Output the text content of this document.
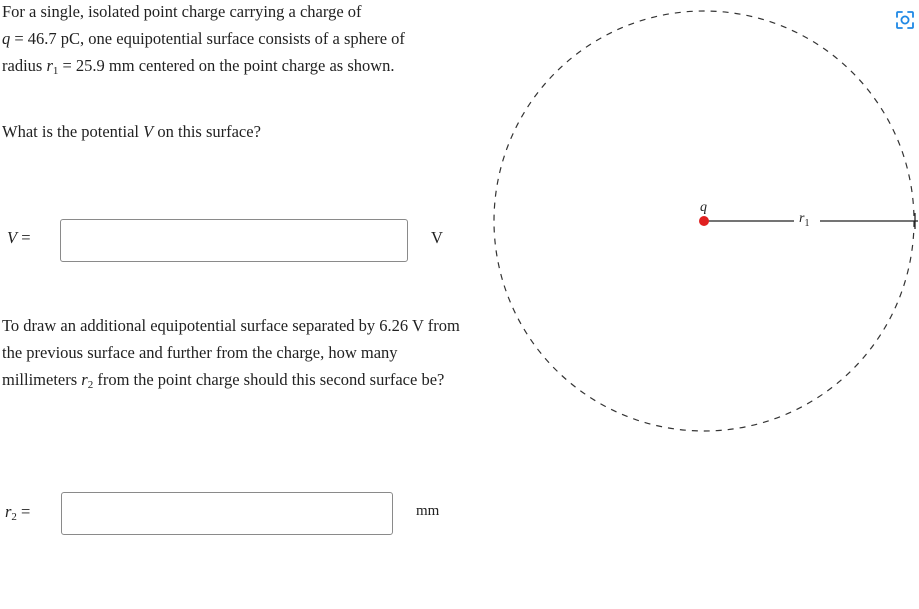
For a single, isolated point charge carrying a charge of
q = 46.7 pC, one equipotential surface consists of a sphere of
radius $r_1 = 25.9$ mm centered on the point charge as shown.

What is the potential V on this surface?

V =	V

To draw an additional equipotential surface separated by 6.26 V from the previous surface and further from the charge, how many millimeters $r_2$ from the point charge should this second surface be?

$r_2$ =	mm
q
$r_1$
